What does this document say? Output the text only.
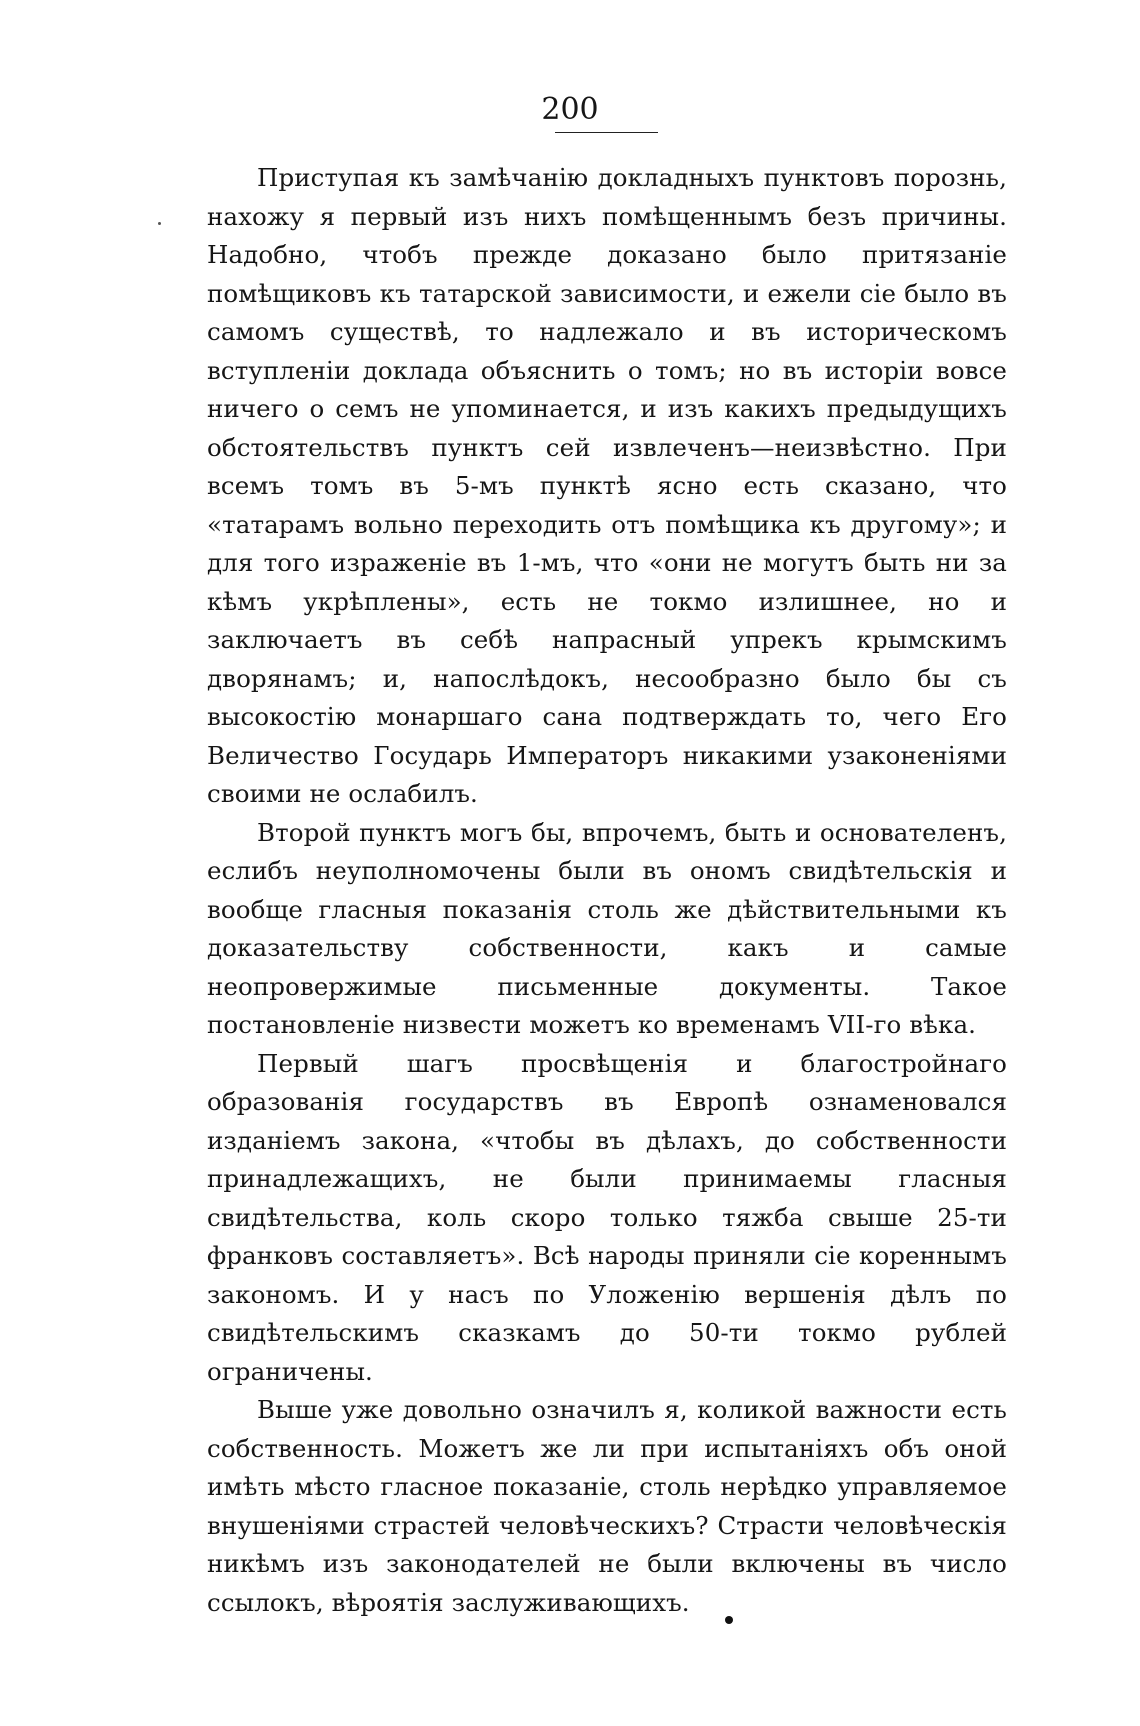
200

Приступая къ замѣчанію докладныхъ пунктовъ порознь, нахожу я первый изъ нихъ помѣщеннымъ безъ причины. Надобно, чтобъ прежде доказано было притязаніе помѣщиковъ къ татарской зависимости, и ежели сіе было въ самомъ существѣ, то надлежало и въ историческомъ вступленіи доклада объяснить о томъ; но въ исторіи вовсе ничего о семъ не упоминается, и изъ какихъ предыдущихъ обстоятельствъ пунктъ сей извлеченъ—неизвѣстно. При всемъ томъ въ 5-мъ пунктѣ ясно есть сказано, что «татарамъ вольно переходить отъ помѣщика къ другому»; и для того израженіе въ 1-мъ, что «они не могутъ быть ни за кѣмъ укрѣплены», есть не токмо излишнее, но и заключаетъ въ себѣ напрасный упрекъ крымскимъ дворянамъ; и, напослѣдокъ, несообразно было бы съ высокостію монаршаго сана подтверждать то, чего Его Величество Государь Императоръ никакими узаконеніями своими не ослабилъ.

Второй пунктъ могъ бы, впрочемъ, быть и основателенъ, еслибъ неуполномочены были въ ономъ свидѣтельскія и вообще гласныя показанія столь же дѣйствительными къ доказательству собственности, какъ и самые неопровержимые письменные документы. Такое постановленіе низвести можетъ ко временамъ VII-го вѣка.

Первый шагъ просвѣщенія и благостройнаго образованія государствъ въ Европѣ ознаменовался изданіемъ закона, «чтобы въ дѣлахъ, до собственности принадлежащихъ, не были принимаемы гласныя свидѣтельства, коль скоро только тяжба свыше 25-ти франковъ составляетъ». Всѣ народы приняли сіе кореннымъ закономъ. И у насъ по Уложенію вершенія дѣлъ по свидѣтельскимъ сказкамъ до 50-ти токмо рублей ограничены.

Выше уже довольно означилъ я, коликой важности есть собственность. Можетъ же ли при испытаніяхъ объ оной имѣть мѣсто гласное показаніе, столь нерѣдко управляемое внушеніями страстей человѣческихъ? Страсти человѣческія никѣмъ изъ законодателей не были включены въ число ссылокъ, вѣроятія заслуживающихъ.
